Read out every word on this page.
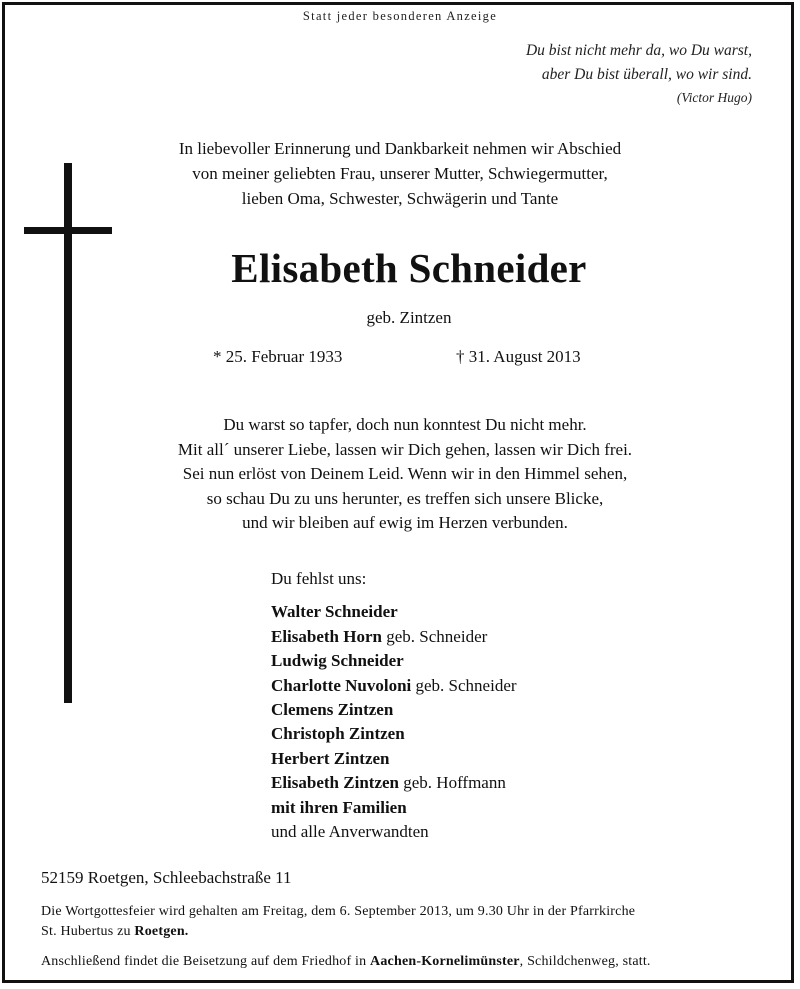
Statt jeder besonderen Anzeige
Du bist nicht mehr da, wo Du warst,
aber Du bist überall, wo wir sind.
(Victor Hugo)
In liebevoller Erinnerung und Dankbarkeit nehmen wir Abschied
von meiner geliebten Frau, unserer Mutter, Schwiegermutter,
lieben Oma, Schwester, Schwägerin und Tante
Elisabeth Schneider
geb. Zintzen
* 25. Februar 1933	† 31. August 2013
Du warst so tapfer, doch nun konntest Du nicht mehr.
Mit all´ unserer Liebe, lassen wir Dich gehen, lassen wir Dich frei.
Sei nun erlöst von Deinem Leid. Wenn wir in den Himmel sehen,
so schau Du zu uns herunter, es treffen sich unsere Blicke,
und wir bleiben auf ewig im Herzen verbunden.
Du fehlst uns:
Walter Schneider
Elisabeth Horn geb. Schneider
Ludwig Schneider
Charlotte Nuvoloni geb. Schneider
Clemens Zintzen
Christoph Zintzen
Herbert Zintzen
Elisabeth Zintzen geb. Hoffmann
mit ihren Familien
und alle Anverwandten
52159 Roetgen, Schleebachstraße 11
Die Wortgottesfeier wird gehalten am Freitag, dem 6. September 2013, um 9.30 Uhr in der Pfarrkirche
St. Hubertus zu Roetgen.
Anschließend findet die Beisetzung auf dem Friedhof in Aachen-Kornelimünster, Schildchenweg, statt.
